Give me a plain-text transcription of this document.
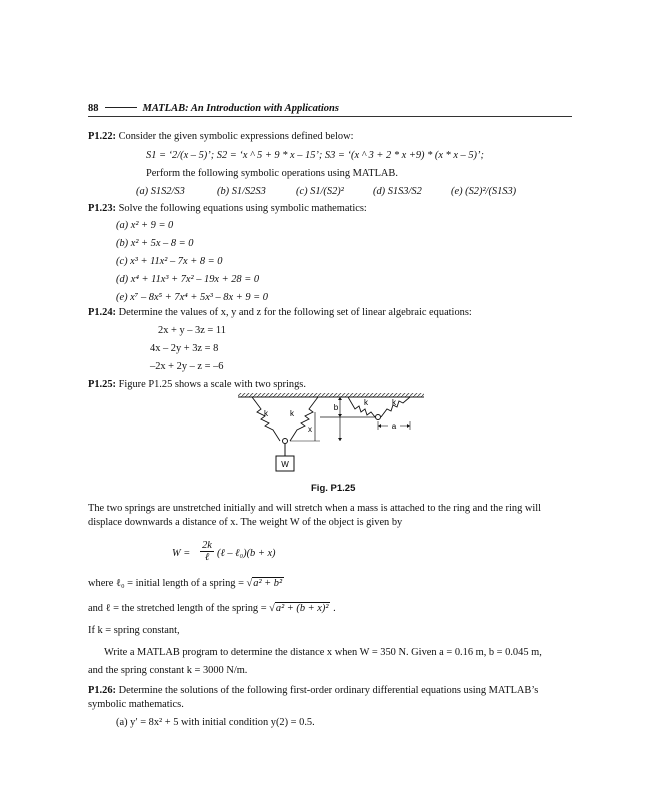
88	MATLAB: An Introduction with Applications
P1.22: Consider the given symbolic expressions defined below:
S1 = ‘2/(x – 5)’; S2 = ‘x ^ 5 + 9 * x – 15’; S3 = ‘(x ^ 3 + 2 * x +9) * (x * x – 5)’;
Perform the following symbolic operations using MATLAB.
(a) S1S2/S3	(b) S1/S2S3	(c) S1/(S2)²	(d) S1S3/S2	(e) (S2)²/(S1S3)
P1.23: Solve the following equations using symbolic mathematics:
(a) x² + 9 = 0
(b) x² + 5x – 8 = 0
(c) x³ + 11x² – 7x + 8 = 0
(d) x⁴ + 11x³ + 7x² – 19x + 28 = 0
(e) x⁷ – 8x⁵ + 7x⁴ + 5x³ – 8x + 9 = 0
P1.24: Determine the values of x, y and z for the following set of linear algebraic equations:
2x + y – 3z = 11
4x – 2y + 3z = 8
–2x + 2y – z = –6
P1.25: Figure P1.25 shows a scale with two springs.
W
k	k
x
b
k	k
a
Fig. P1.25
The two springs are unstretched initially and will stretch when a mass is attached to the ring and the ring will
displace downwards a distance of x. The weight W of the object is given by
W =
2k
ℓ (ℓ – ℓ₀)(b + x)
where ℓ₀ = initial length of a spring = √a² + b²
and ℓ = the stretched length of the spring = √a² + (b + x)² .
If k = spring constant,
Write a MATLAB program to determine the distance x when W = 350 N. Given a = 0.16 m, b = 0.045 m,
and the spring constant k = 3000 N/m.
P1.26: Determine the solutions of the following first-order ordinary differential equations using MATLAB’s
symbolic mathematics.
(a) y′ = 8x² + 5 with initial condition y(2) = 0.5.
